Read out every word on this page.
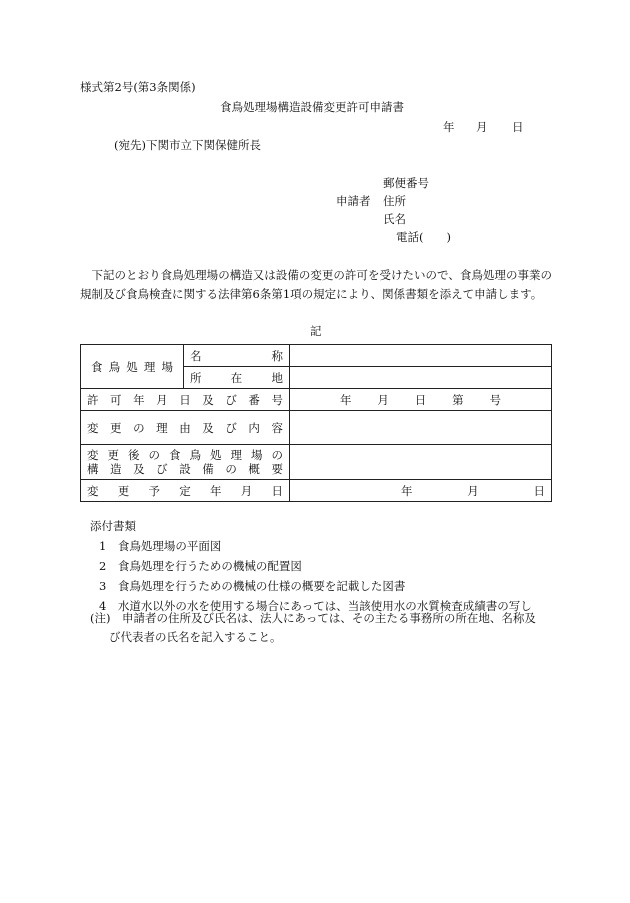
様式第2号(第3条関係)
食鳥処理場構造設備変更許可申請書
年 月 日
(宛先)下関市立下関保健所長
郵便番号
申請者 住所
氏名
電話(　　)
下記のとおり食鳥処理場の構造又は設備の変更の許可を受けたいので、食鳥処理の事業の規制及び食鳥検査に関する法律第6条第1項の規定により、関係書類を添えて申請します。
記
食鳥処理場	名称	
	所在地	
許可年月日及び番号		年 月 日 第 号

変更の理由及び内容		

変更後の食鳥処理場の
構造及び設備の概要		

変更予定年月日		年 月 日
添付書類
1　 食鳥処理場の平面図
2　 食鳥処理を行うための機械の配置図
3　 食鳥処理を行うための機械の仕様の概要を記載した図書
4　 水道水以外の水を使用する場合にあっては、当該使用水の水質検査成績書の写し
(注)　 申請者の住所及び氏名は、法人にあっては、その主たる事務所の所在地、名称及
び代表者の氏名を記入すること。
